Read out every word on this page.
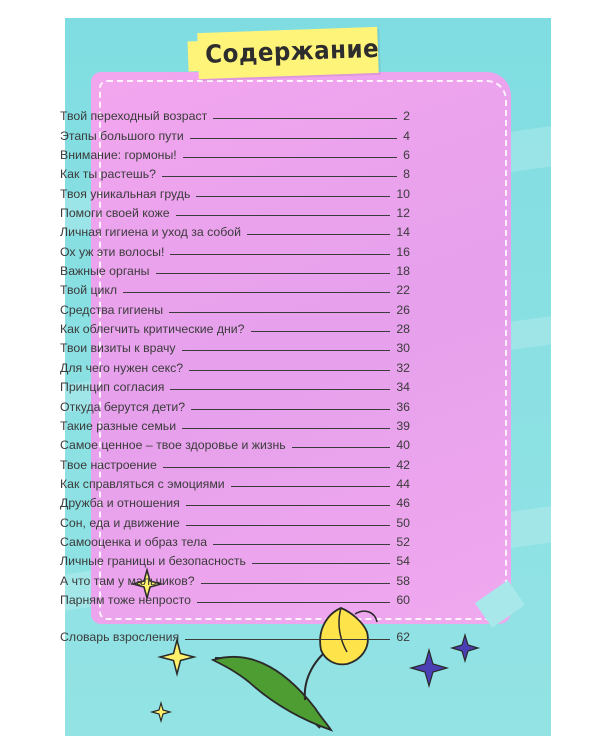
Содержание
Твой переходный возраст	2
Этапы большого пути	4
Внимание: гормоны!	6
Как ты растешь?	8
Твоя уникальная грудь	10
Помоги своей коже	12
Личная гигиена и уход за собой	14
Ох уж эти волосы!	16
Важные органы	18
Твой цикл	22
Средства гигиены	26
Как облегчить критические дни?	28
Твои визиты к врачу	30
Для чего нужен секс?	32
Принцип согласия	34
Откуда берутся дети?	36
Такие разные семьи	39
Самое ценное – твое здоровье и жизнь	40
Твое настроение	42
Как справляться с эмоциями	44
Дружба и отношения	46
Сон, еда и движение	50
Самооценка и образ тела	52
Личные границы и безопасность	54
А что там у мальчиков?	58
Парням тоже непросто	60
Словарь взросления	62
